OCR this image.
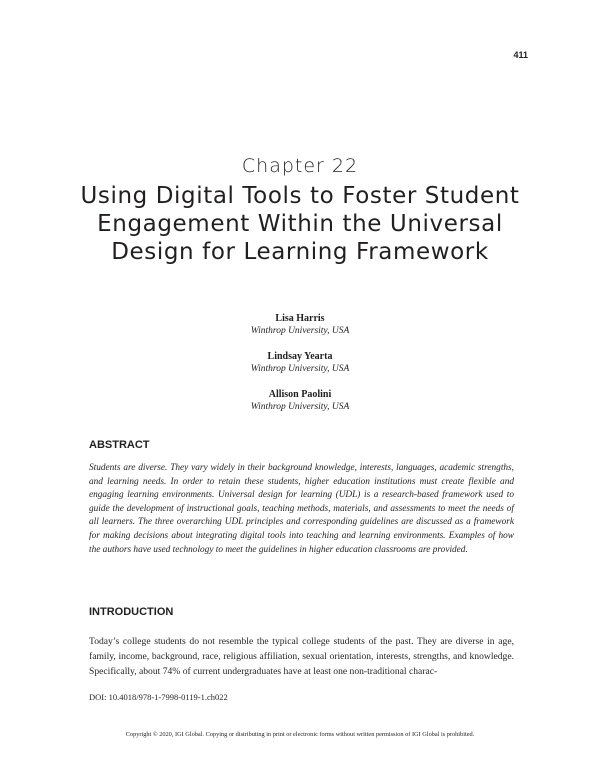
411
Chapter 22
Using Digital Tools to Foster Student Engagement Within the Universal Design for Learning Framework
Lisa Harris
Winthrop University, USA
Lindsay Yearta
Winthrop University, USA
Allison Paolini
Winthrop University, USA
ABSTRACT

Students are diverse. They vary widely in their background knowledge, interests, languages, academic strengths, and learning needs. In order to retain these students, higher education institutions must create flexible and engaging learning environments. Universal design for learning (UDL) is a research-based framework used to guide the development of instructional goals, teaching methods, materials, and assessments to meet the needs of all learners. The three overarching UDL principles and corresponding guidelines are discussed as a framework for making decisions about integrating digital tools into teaching and learning environments. Examples of how the authors have used technology to meet the guidelines in higher education classrooms are provided.

INTRODUCTION

Today’s college students do not resemble the typical college students of the past. They are diverse in age, family, income, background, race, religious affiliation, sexual orientation, interests, strengths, and knowledge. Specifically, about 74% of current undergraduates have at least one non-traditional charac-

DOI: 10.4018/978-1-7998-0119-1.ch022

Copyright © 2020, IGI Global. Copying or distributing in print or electronic forms without written permission of IGI Global is prohibited.
